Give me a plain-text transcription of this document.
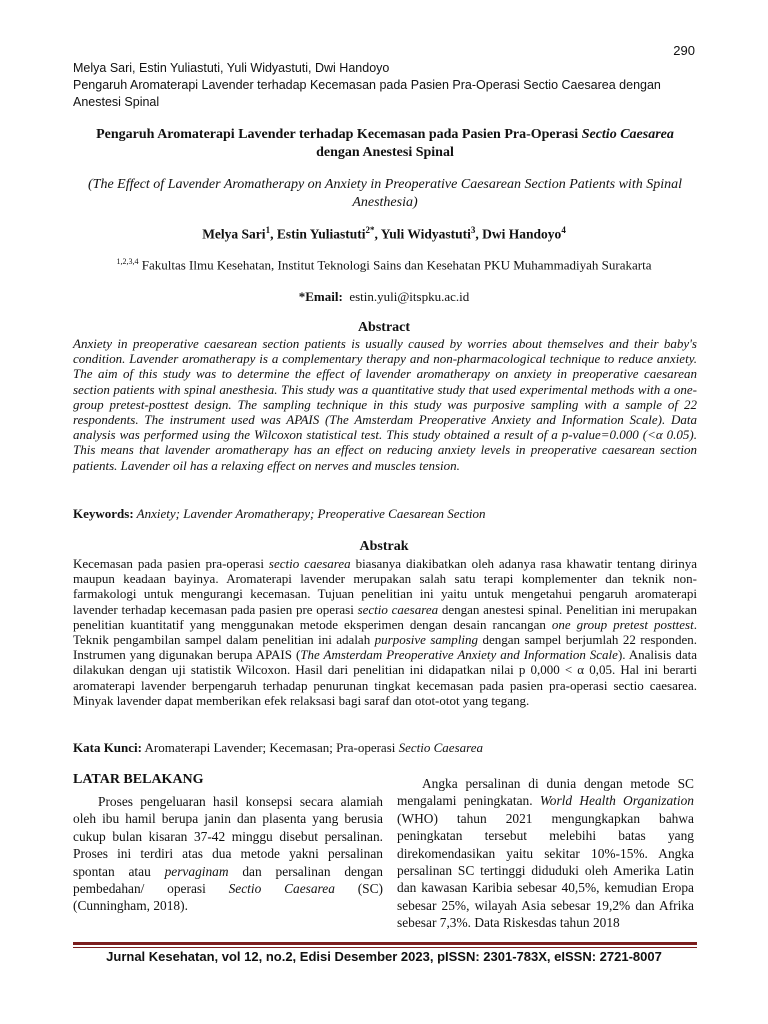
290
Melya Sari, Estin Yuliastuti, Yuli Widyastuti, Dwi Handoyo
Pengaruh Aromaterapi Lavender terhadap Kecemasan pada Pasien Pra-Operasi Sectio Caesarea dengan
Anestesi Spinal
Pengaruh Aromaterapi Lavender terhadap Kecemasan pada Pasien Pra-Operasi Sectio Caesarea dengan Anestesi Spinal
(The Effect of Lavender Aromatherapy on Anxiety in Preoperative Caesarean Section Patients with Spinal Anesthesia)
Melya Sari$^1$, Estin Yuliastuti$^{2*}$, Yuli Widyastuti$^3$, Dwi Handoyo$^4$
$^{1,2,3,4}$ Fakultas Ilmu Kesehatan, Institut Teknologi Sains dan Kesehatan PKU Muhammadiyah Surakarta
*Email: estin.yuli@itspku.ac.id
Abstract
Anxiety in preoperative caesarean section patients is usually caused by worries about themselves and their baby's condition. Lavender aromatherapy is a complementary therapy and non-pharmacological technique to reduce anxiety. The aim of this study was to determine the effect of lavender aromatherapy on anxiety in preoperative caesarean section patients with spinal anesthesia. This study was a quantitative study that used experimental methods with a one-group pretest-posttest design. The sampling technique in this study was purposive sampling with a sample of 22 respondents. The instrument used was APAIS (The Amsterdam Preoperative Anxiety and Information Scale). Data analysis was performed using the Wilcoxon statistical test. This study obtained a result of a p-value=0.000 (<α 0.05). This means that lavender aromatherapy has an effect on reducing anxiety levels in preoperative caesarean section patients. Lavender oil has a relaxing effect on nerves and muscles tension.
Keywords: Anxiety; Lavender Aromatherapy; Preoperative Caesarean Section
Abstrak
Kecemasan pada pasien pra-operasi sectio caesarea biasanya diakibatkan oleh adanya rasa khawatir tentang dirinya maupun keadaan bayinya. Aromaterapi lavender merupakan salah satu terapi komplementer dan teknik non-farmakologi untuk mengurangi kecemasan. Tujuan penelitian ini yaitu untuk mengetahui pengaruh aromaterapi lavender terhadap kecemasan pada pasien pre operasi sectio caesarea dengan anestesi spinal. Penelitian ini merupakan penelitian kuantitatif yang menggunakan metode eksperimen dengan desain rancangan one group pretest posttest. Teknik pengambilan sampel dalam penelitian ini adalah purposive sampling dengan sampel berjumlah 22 responden. Instrumen yang digunakan berupa APAIS (The Amsterdam Preoperative Anxiety and Information Scale). Analisis data dilakukan dengan uji statistik Wilcoxon. Hasil dari penelitian ini didapatkan nilai p 0,000 < α 0,05. Hal ini berarti aromaterapi lavender berpengaruh terhadap penurunan tingkat kecemasan pada pasien pra-operasi sectio caesarea. Minyak lavender dapat memberikan efek relaksasi bagi saraf dan otot-otot yang tegang.
Kata Kunci: Aromaterapi Lavender; Kecemasan; Pra-operasi Sectio Caesarea
LATAR BELAKANG

Proses pengeluaran hasil konsepsi secara alamiah oleh ibu hamil berupa janin dan plasenta yang berusia cukup bulan kisaran 37-42 minggu disebut persalinan. Proses ini terdiri atas dua metode yakni persalinan spontan atau pervaginam dan persalinan dengan pembedahan/ operasi Sectio Caesarea (SC) (Cunningham, 2018).

Angka persalinan di dunia dengan metode SC mengalami peningkatan. World Health Organization (WHO) tahun 2021 mengungkapkan bahwa peningkatan tersebut melebihi batas yang direkomendasikan yaitu sekitar 10%-15%. Angka persalinan SC tertinggi diduduki oleh Amerika Latin dan kawasan Karibia sebesar 40,5%, kemudian Eropa sebesar 25%, wilayah Asia sebesar 19,2% dan Afrika sebesar 7,3%. Data Riskesdas tahun 2018

Jurnal Kesehatan, vol 12, no.2, Edisi Desember 2023, pISSN: 2301-783X, eISSN: 2721-8007
